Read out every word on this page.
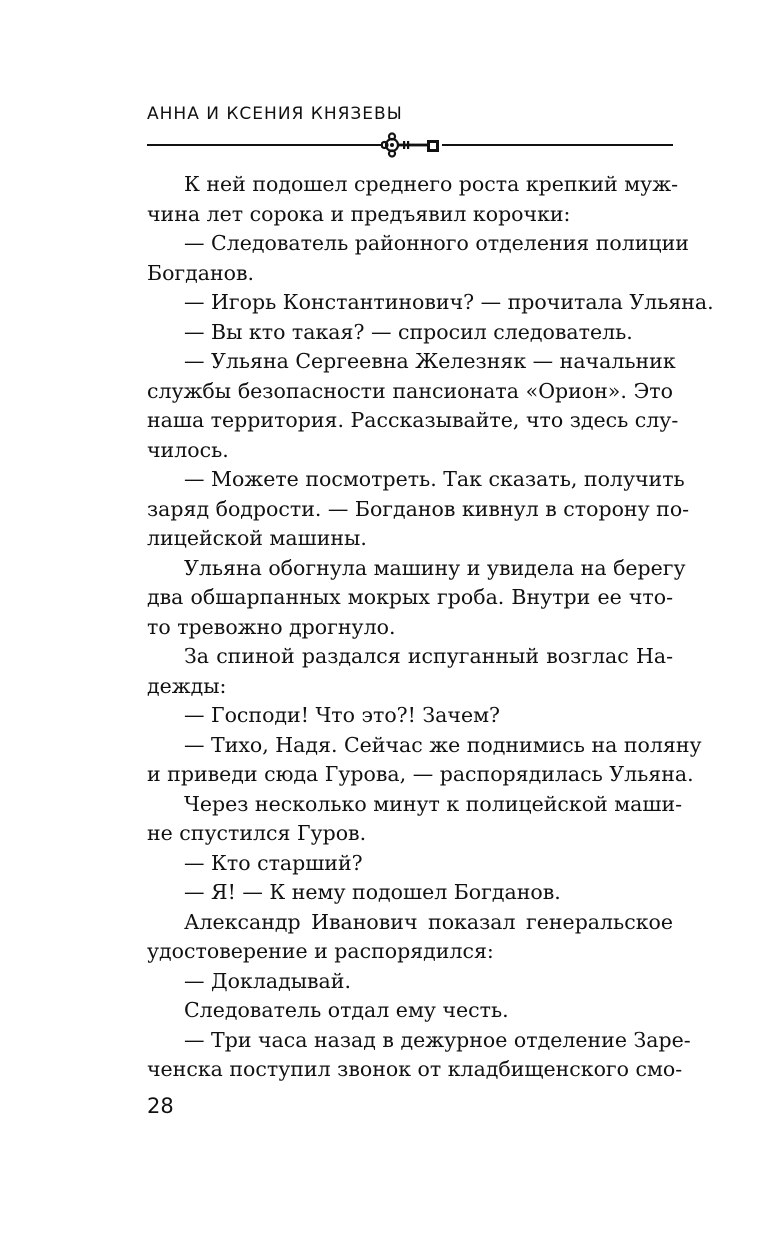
АННА И КСЕНИЯ КНЯЗЕВЫ
К ней подошел среднего роста крепкий муж-
чина лет сорока и предъявил корочки:
— Следователь районного отделения полиции
Богданов.
— Игорь Константинович? — прочитала Ульяна.
— Вы кто такая? — спросил следователь.
— Ульяна Сергеевна Железняк — начальник
службы безопасности пансионата «Орион». Это
наша территория. Рассказывайте, что здесь слу-
чилось.
— Можете посмотреть. Так сказать, получить
заряд бодрости. — Богданов кивнул в сторону по-
лицейской машины.
Ульяна обогнула машину и увидела на берегу
два обшарпанных мокрых гроба. Внутри ее что-
то тревожно дрогнуло.
За спиной раздался испуганный возглас На-
дежды:
— Господи! Что это?! Зачем?
— Тихо, Надя. Сейчас же поднимись на поляну
и приведи сюда Гурова, — распорядилась Ульяна.
Через несколько минут к полицейской маши-
не спустился Гуров.
— Кто старший?
— Я! — К нему подошел Богданов.
Александр Иванович показал генеральское
удостоверение и распорядился:
— Докладывай.
Следователь отдал ему честь.
— Три часа назад в дежурное отделение Заре-
ченска поступил звонок от кладбищенского смо-
28
